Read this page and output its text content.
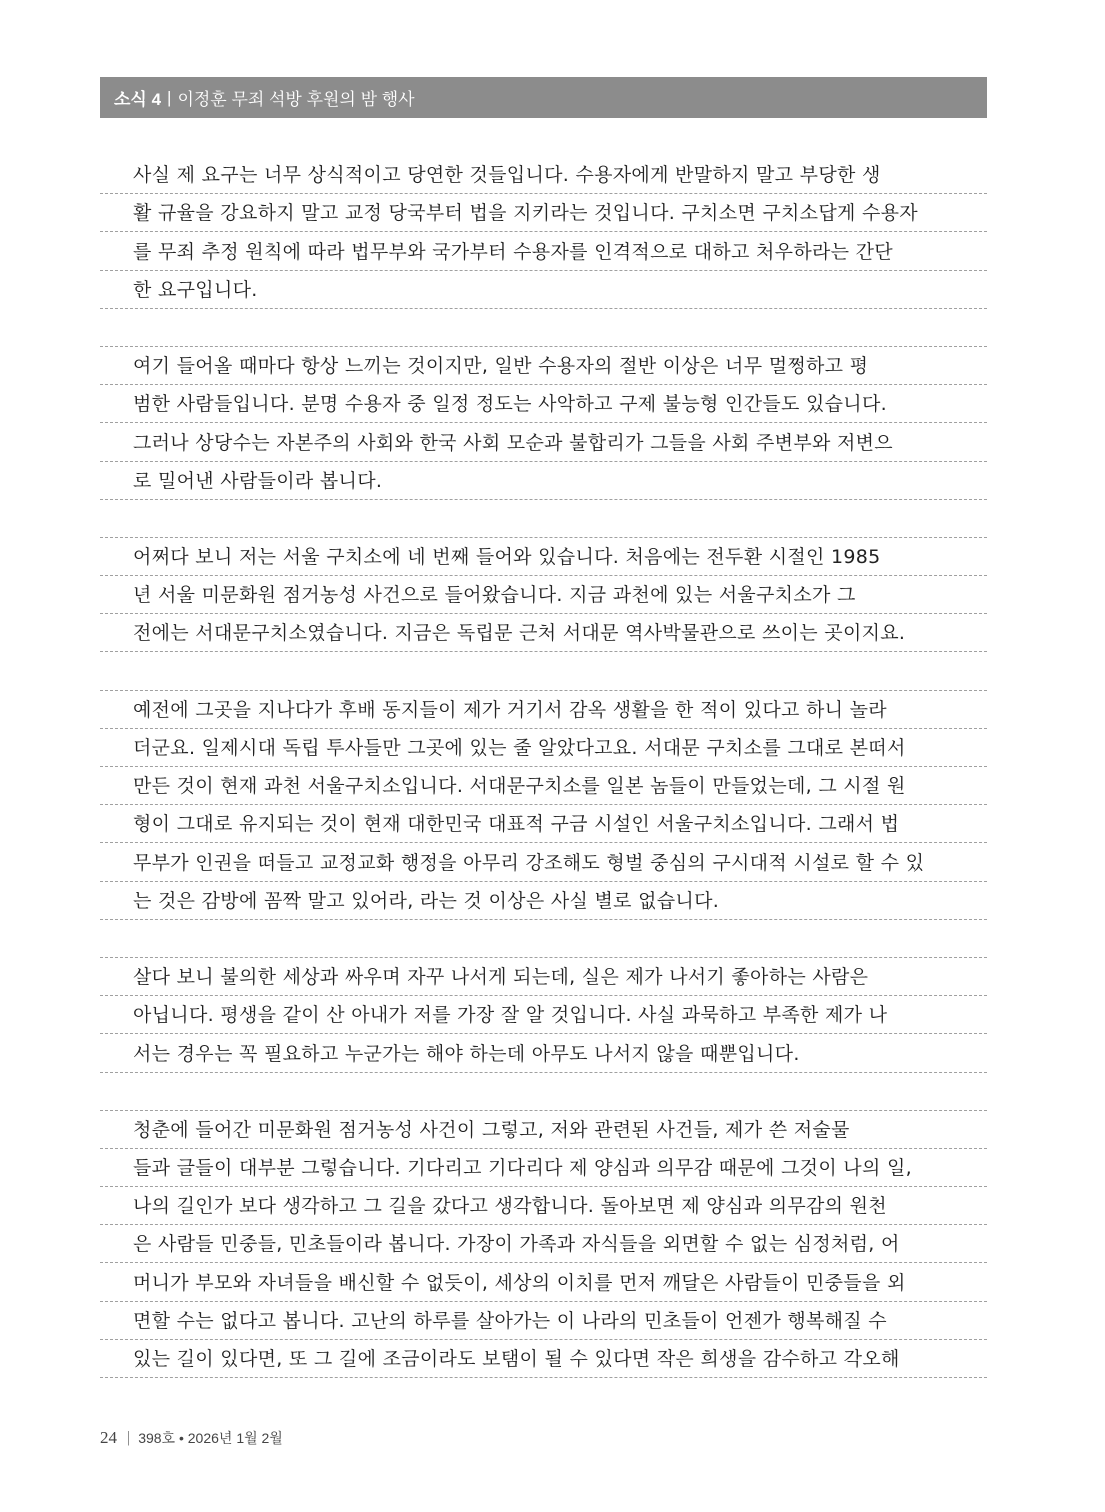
소식 4 | 이정훈 무죄 석방 후원의 밤 행사
사실 제 요구는 너무 상식적이고 당연한 것들입니다. 수용자에게 반말하지 말고 부당한 생
활 규율을 강요하지 말고 교정 당국부터 법을 지키라는 것입니다. 구치소면 구치소답게 수용자
를 무죄 추정 원칙에 따라 법무부와 국가부터 수용자를 인격적으로 대하고 처우하라는 간단
한 요구입니다.
여기 들어올 때마다 항상 느끼는 것이지만, 일반 수용자의 절반 이상은 너무 멀쩡하고 평
범한 사람들입니다. 분명 수용자 중 일정 정도는 사악하고 구제 불능형 인간들도 있습니다.
그러나 상당수는 자본주의 사회와 한국 사회 모순과 불합리가 그들을 사회 주변부와 저변으
로 밀어낸 사람들이라 봅니다.
어쩌다 보니 저는 서울 구치소에 네 번째 들어와 있습니다. 처음에는 전두환 시절인 1985
년 서울 미문화원 점거농성 사건으로 들어왔습니다. 지금 과천에 있는 서울구치소가 그
전에는 서대문구치소였습니다. 지금은 독립문 근처 서대문 역사박물관으로 쓰이는 곳이지요.
예전에 그곳을 지나다가 후배 동지들이 제가 거기서 감옥 생활을 한 적이 있다고 하니 놀라
더군요. 일제시대 독립 투사들만 그곳에 있는 줄 알았다고요. 서대문 구치소를 그대로 본떠서
만든 것이 현재 과천 서울구치소입니다. 서대문구치소를 일본 놈들이 만들었는데, 그 시절 원
형이 그대로 유지되는 것이 현재 대한민국 대표적 구금 시설인 서울구치소입니다. 그래서 법
무부가 인권을 떠들고 교정교화 행정을 아무리 강조해도 형벌 중심의 구시대적 시설로 할 수 있
는 것은 감방에 꼼짝 말고 있어라, 라는 것 이상은 사실 별로 없습니다.
살다 보니 불의한 세상과 싸우며 자꾸 나서게 되는데, 실은 제가 나서기 좋아하는 사람은
아닙니다. 평생을 같이 산 아내가 저를 가장 잘 알 것입니다. 사실 과묵하고 부족한 제가 나
서는 경우는 꼭 필요하고 누군가는 해야 하는데 아무도 나서지 않을 때뿐입니다.
청춘에 들어간 미문화원 점거농성 사건이 그렇고, 저와 관련된 사건들, 제가 쓴 저술물
들과 글들이 대부분 그렇습니다. 기다리고 기다리다 제 양심과 의무감 때문에 그것이 나의 일,
나의 길인가 보다 생각하고 그 길을 갔다고 생각합니다. 돌아보면 제 양심과 의무감의 원천
은 사람들 민중들, 민초들이라 봅니다. 가장이 가족과 자식들을 외면할 수 없는 심정처럼, 어
머니가 부모와 자녀들을 배신할 수 없듯이, 세상의 이치를 먼저 깨달은 사람들이 민중들을 외
면할 수는 없다고 봅니다. 고난의 하루를 살아가는 이 나라의 민초들이 언젠가 행복해질 수
있는 길이 있다면, 또 그 길에 조금이라도 보탬이 될 수 있다면 작은 희생을 감수하고 각오해
24 | 398호 • 2026년 1월 2월
